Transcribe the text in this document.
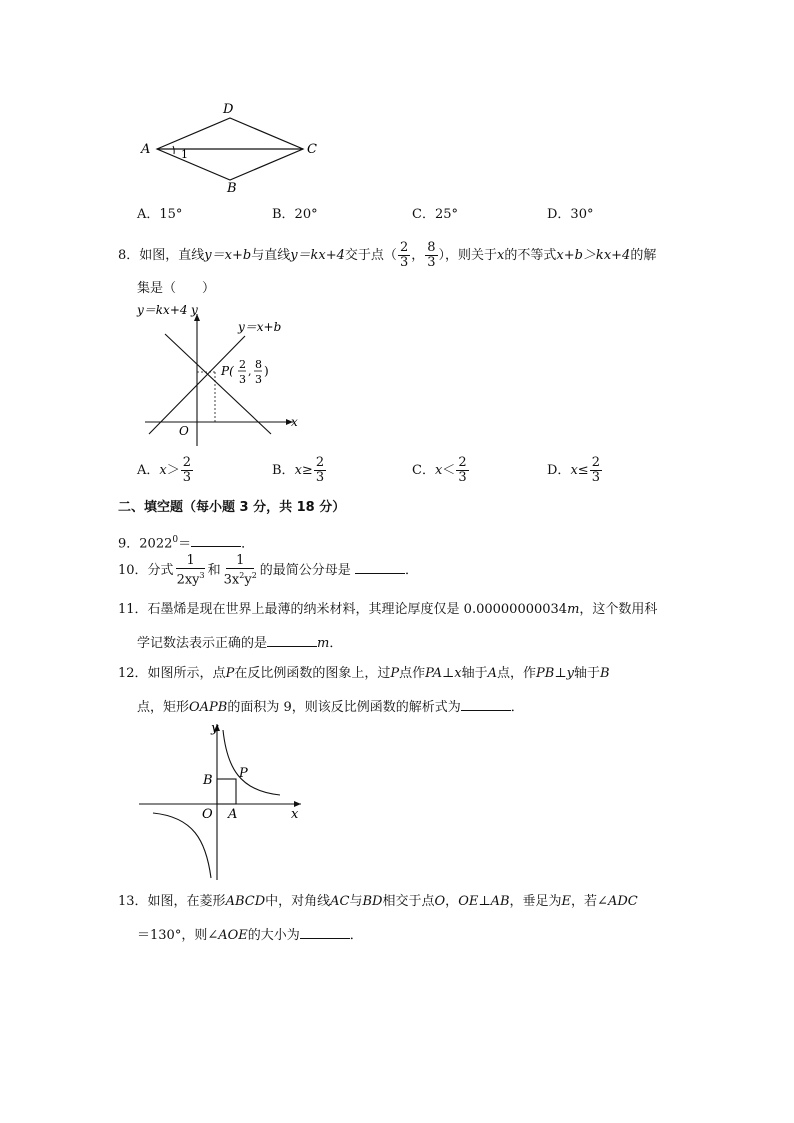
D
A	C
B
1
A．15°	B．20°	C．25°	D．30°
8．如图，直线y＝x+b与直线y＝kx+4交于点（ $\frac{2}{3}$ ， $\frac{8}{3}$ ），则关于x的不等式x+b＞kx+4的解
集是（　　）
y＝kx+4 y
y＝x+b
P( 2
3
,
8
3
)
O
x
A．$x> \frac{2}{3}$	B．$x\ge \frac{2}{3}$	C．$x< \frac{2}{3}$	D．$x\le \frac{2}{3}$
二、填空题（每小题 3 分，共 18 分）
9．$2022^0=$	．
10．分式 $\frac{1}{2xy^3}$ 和 $\frac{1}{3x^2y^2}$ 的最简公分母是	．
11．石墨烯是现在世界上最薄的纳米材料，其理论厚度仅是 0.00000000034m，这个数用科
学记数法表示正确的是	m．
12．如图所示，点P在反比例函数的图象上，过P点作PA⊥x轴于A点，作PB⊥y轴于B
点，矩形OAPB的面积为 9，则该反比例函数的解析式为	．
y
B P
O A	x
13．如图，在菱形ABCD中，对角线AC与BD相交于点O，OE⊥AB，垂足为E，若∠ADC
＝130°，则∠AOE的大小为	．
